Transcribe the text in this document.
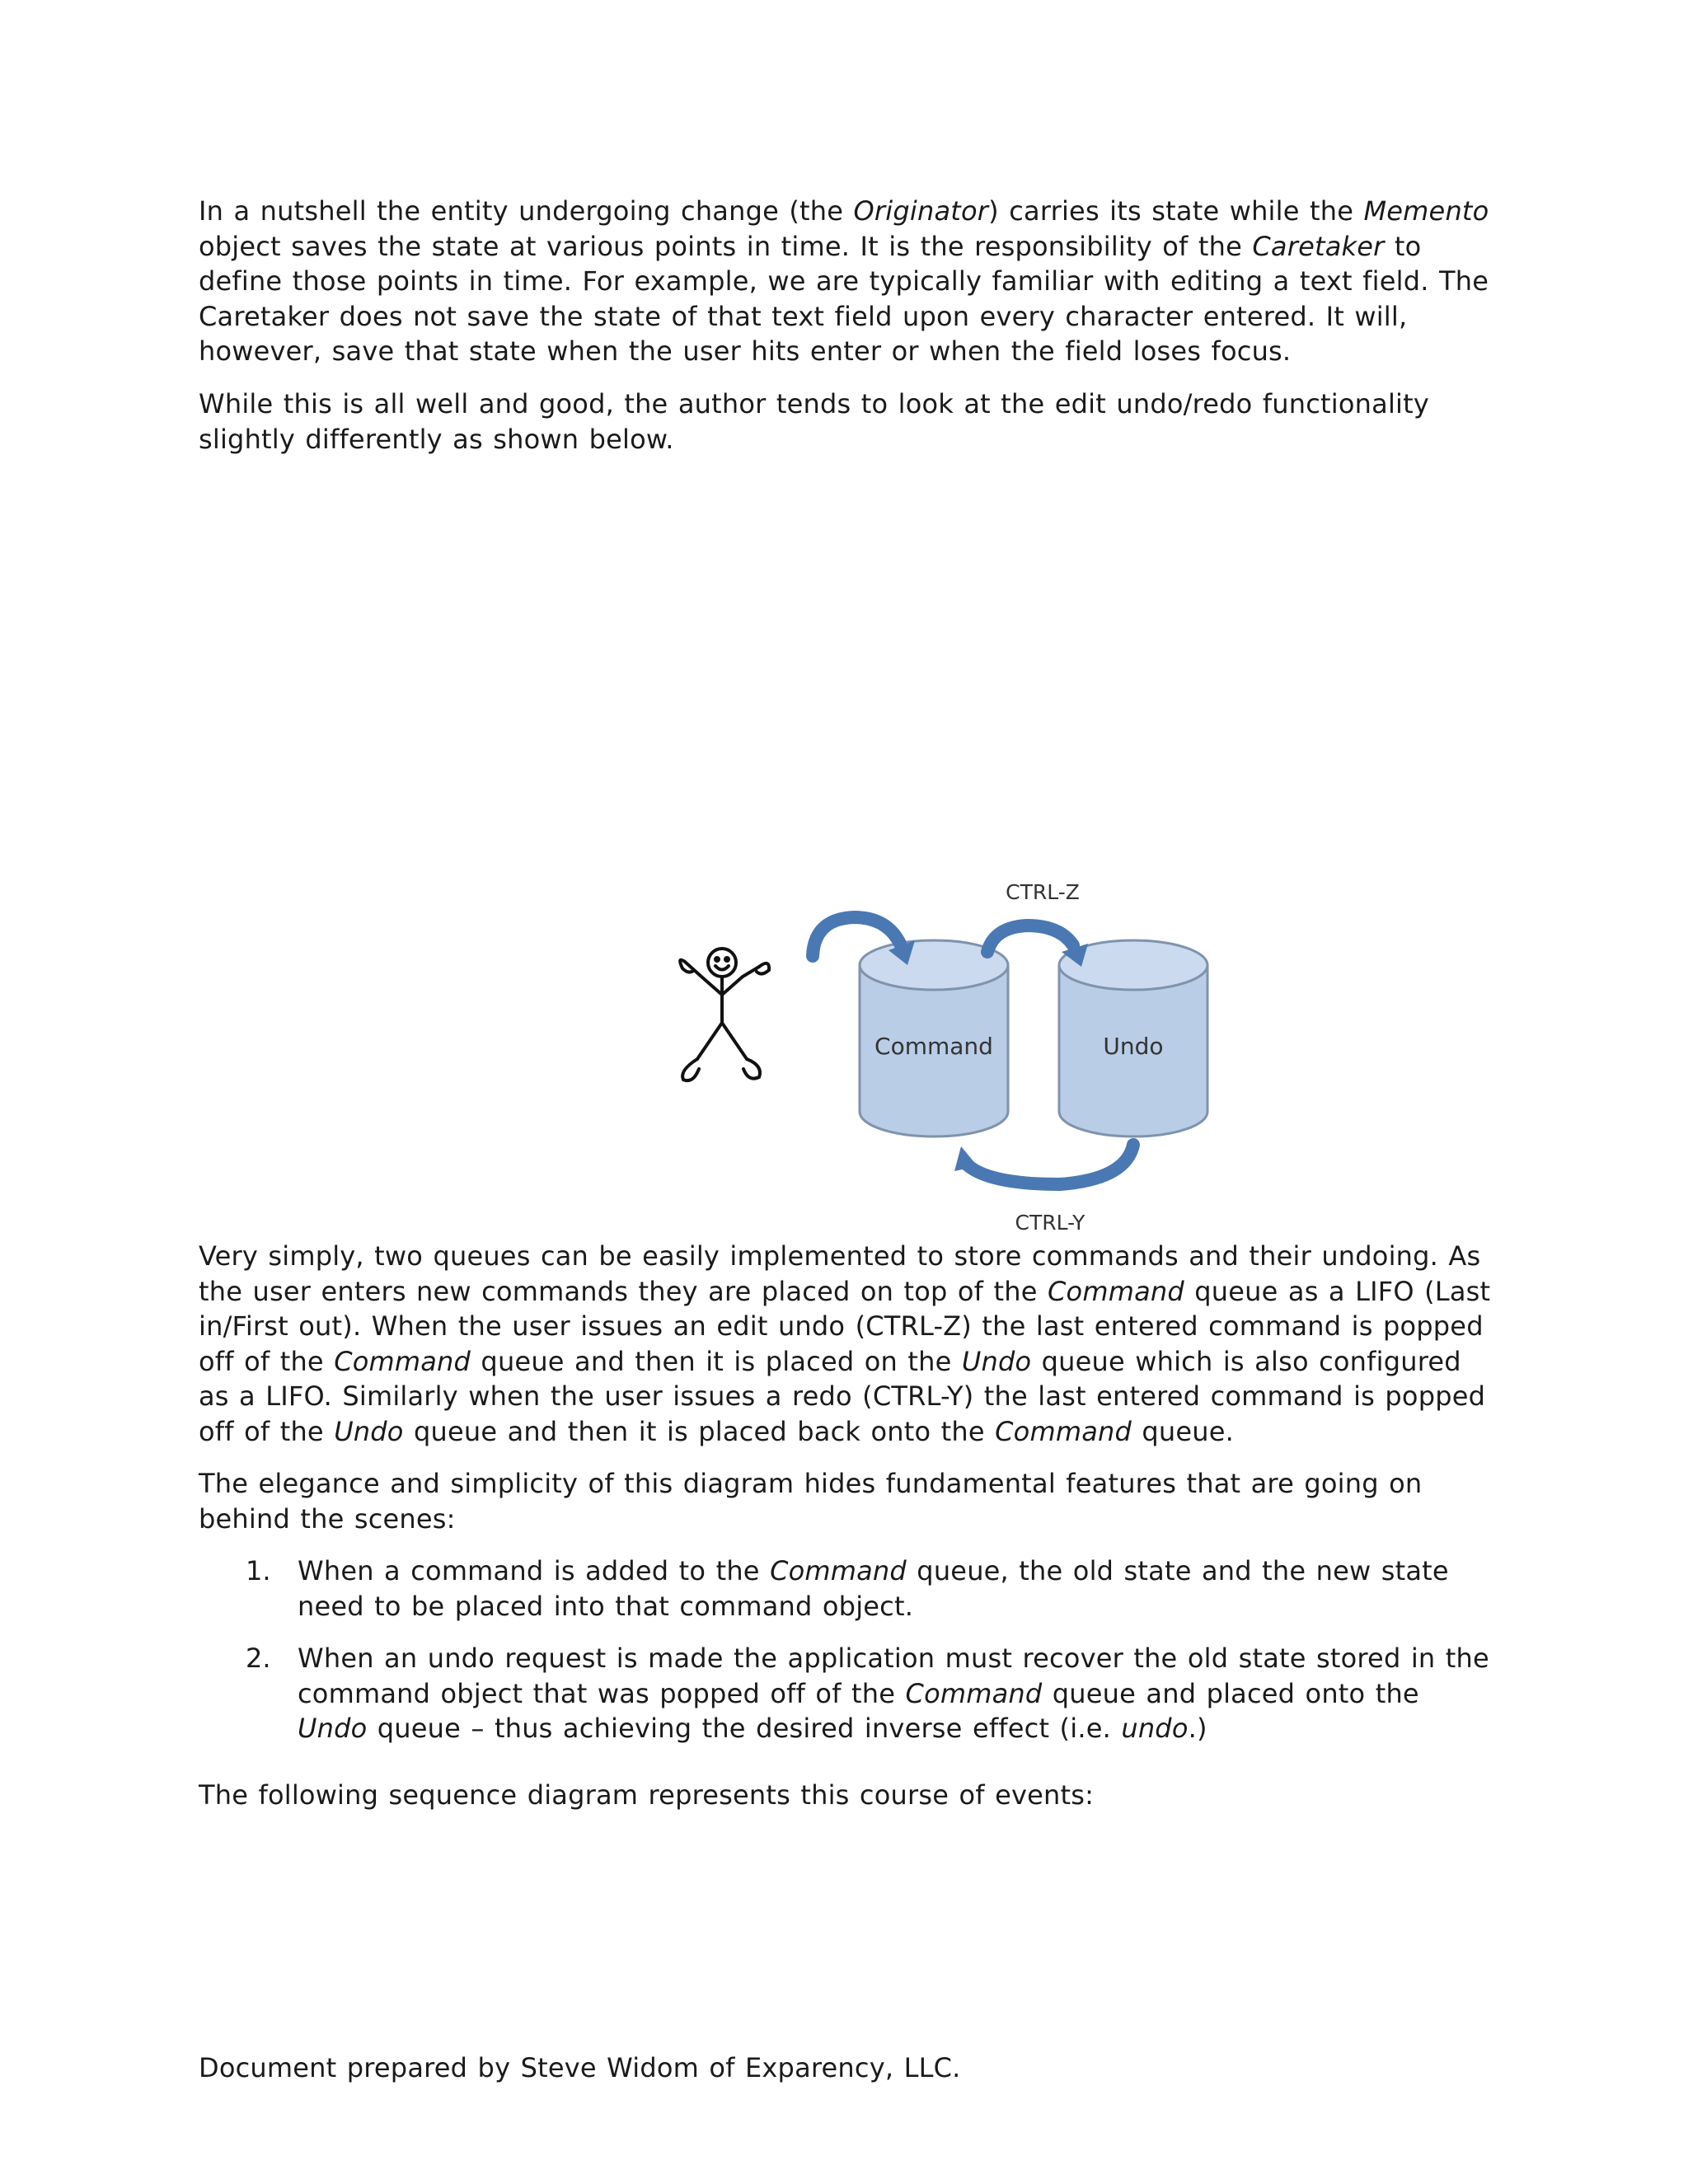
In a nutshell the entity undergoing change (the Originator) carries its state while the Memento object saves the state at various points in time. It is the responsibility of the Caretaker to define those points in time. For example, we are typically familiar with editing a text field. The Caretaker does not save the state of that text field upon every character entered. It will, however, save that state when the user hits enter or when the field loses focus.

While this is all well and good, the author tends to look at the edit undo/redo functionality slightly differently as shown below.

Command	Undo
CTRL-Z
CTRL-Y

Very simply, two queues can be easily implemented to store commands and their undoing. As the user enters new commands they are placed on top of the Command queue as a LIFO (Last in/First out). When the user issues an edit undo (CTRL-Z) the last entered command is popped off of the Command queue and then it is placed on the Undo queue which is also configured as a LIFO. Similarly when the user issues a redo (CTRL-Y) the last entered command is popped off of the Undo queue and then it is placed back onto the Command queue.

The elegance and simplicity of this diagram hides fundamental features that are going on behind the scenes:

1. When a command is added to the Command queue, the old state and the new state need to be placed into that command object.

2. When an undo request is made the application must recover the old state stored in the command object that was popped off of the Command queue and placed onto the Undo queue – thus achieving the desired inverse effect (i.e. undo.)

The following sequence diagram represents this course of events:

Document prepared by Steve Widom of Exparency, LLC.
